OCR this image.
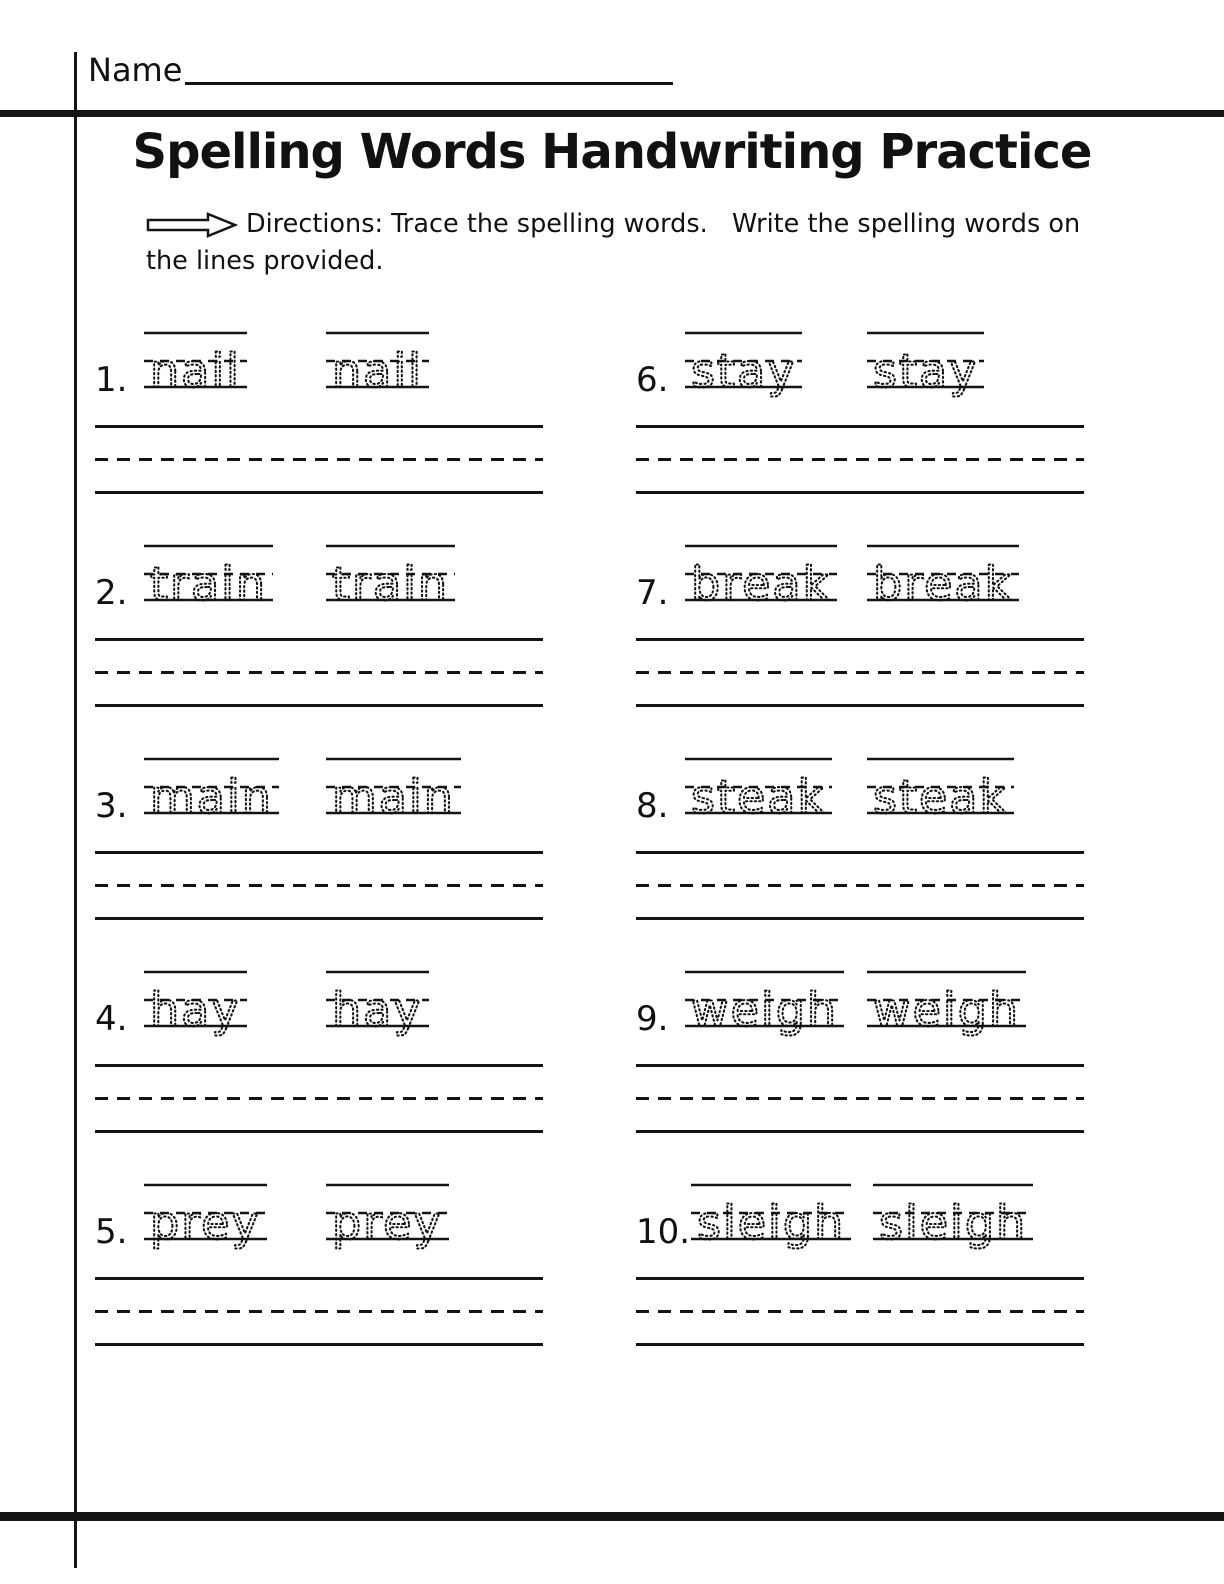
Name
Spelling Words Handwriting Practice
Directions: Trace the spelling words.   Write the spelling words on
the lines provided.
1. nail nail
2. train train
3. main main
4. hay hay
5. prey prey
6. stay stay
7. break break
8. steak steak
9. weigh weigh
10. sleigh sleigh
